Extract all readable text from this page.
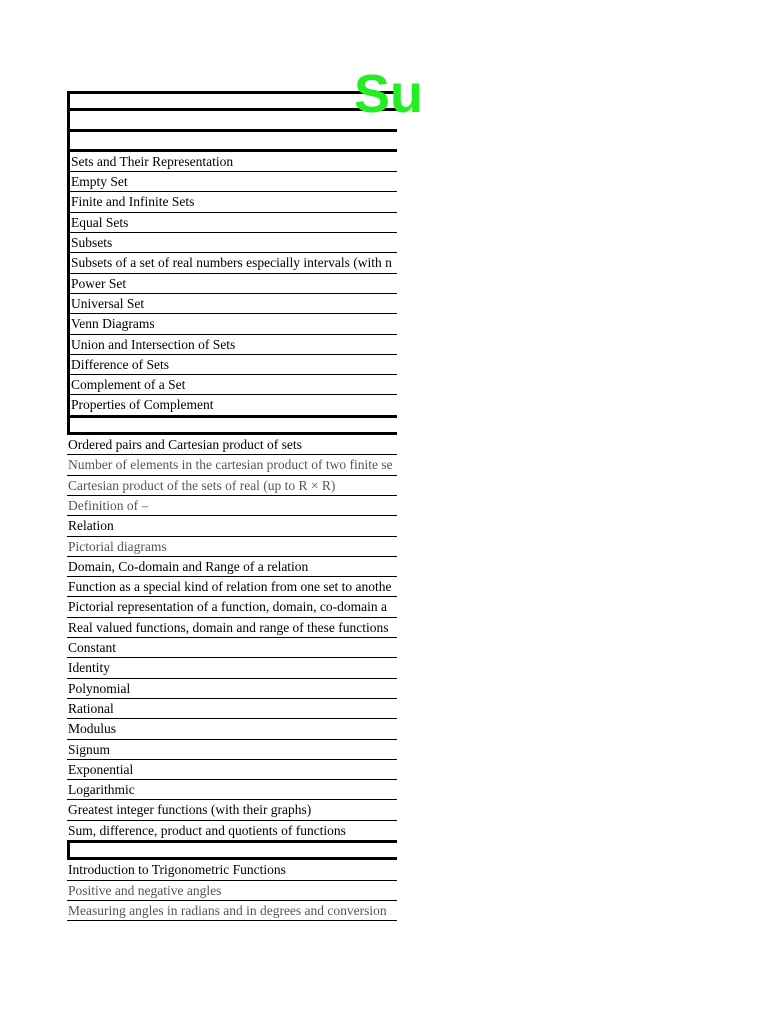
Su
Sets and Their Representation
Empty Set
Finite and Infinite Sets
Equal Sets
Subsets
Subsets of a set of real numbers especially intervals (with n
Power Set
Universal Set
Venn Diagrams
Union and Intersection of Sets
Difference of Sets
Complement of a Set
Properties of Complement
Ordered pairs and Cartesian product of sets
Number of elements in the cartesian product of two finite se
Cartesian product of the sets of real (up to R × R)
Definition of –
Relation
Pictorial diagrams
Domain, Co-domain and Range of a relation
Function as a special kind of relation from one set to anothe
Pictorial representation of a function, domain, co-domain a
Real valued functions, domain and range of these functions
Constant
Identity
Polynomial
Rational
Modulus
Signum
Exponential
Logarithmic
Greatest integer functions (with their graphs)
Sum, difference, product and quotients of functions
Introduction to Trigonometric Functions
Positive and negative angles
Measuring angles in radians and in degrees and conversion
